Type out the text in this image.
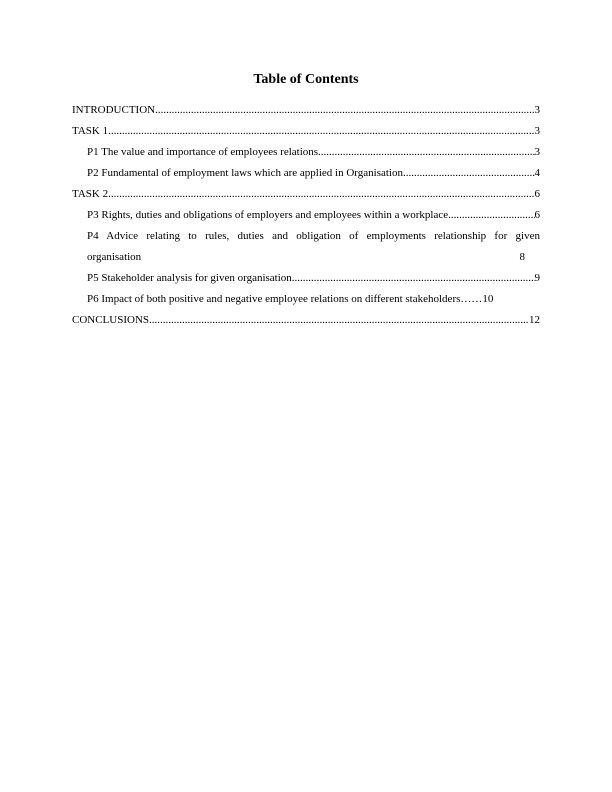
Table of Contents
INTRODUCTION .....	3
TASK 1 .....	3
P1 The value and importance of employees relations .....	3
P2 Fundamental of employment laws which are applied in Organisation .....	4
TASK 2 .....	6
P3 Rights, duties and obligations of employers and employees within a workplace .....	6
P4 Advice relating to rules, duties and obligation of employments relationship for given
organisation	8
P5 Stakeholder analysis for given organisation .....	9
P6 Impact of both positive and negative employee relations on different stakeholders …… 10
CONCLUSIONS .....	12
